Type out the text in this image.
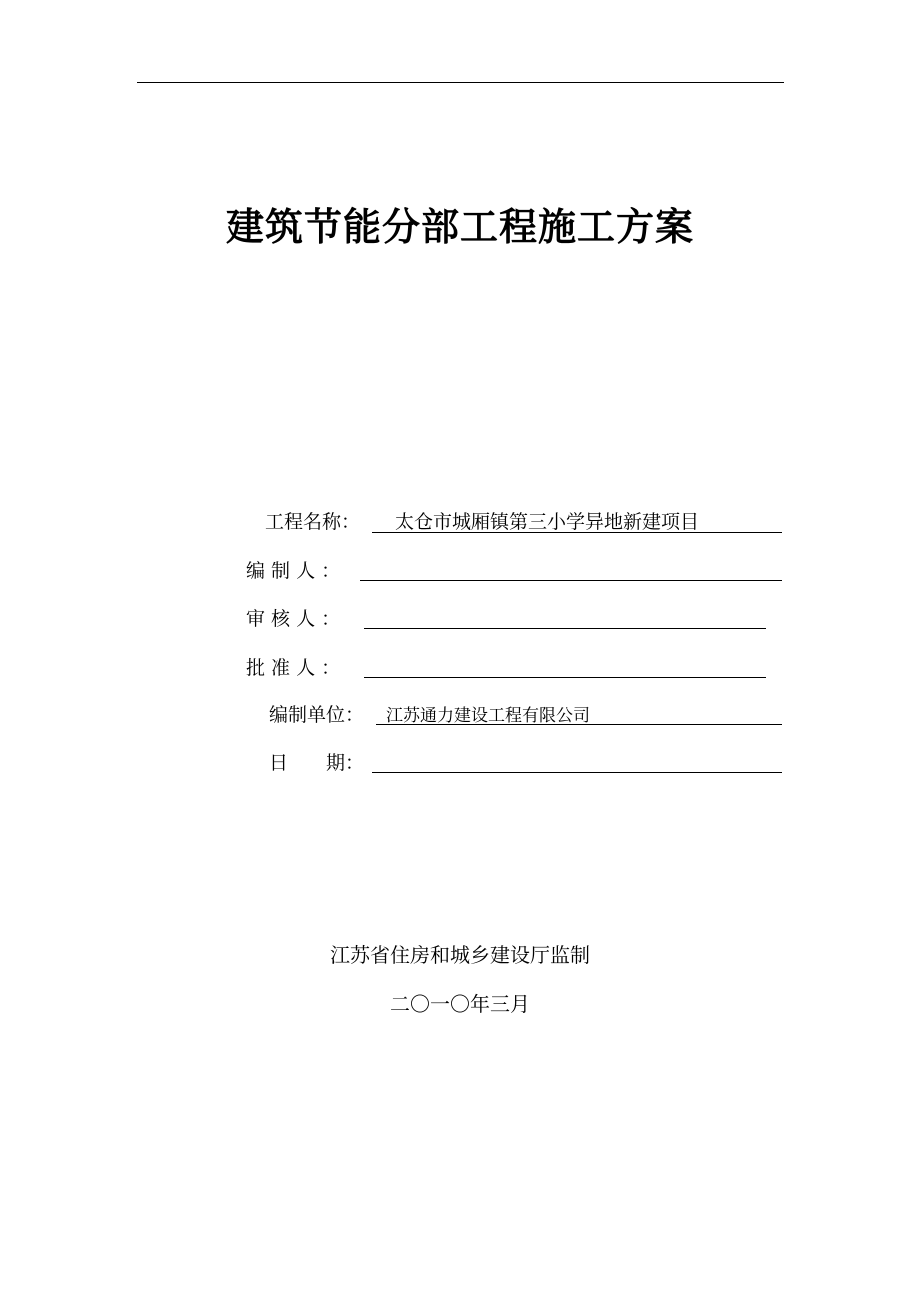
建筑节能分部工程施工方案
工程名称： 太仓市城厢镇第三小学异地新建项目
编 制 人 ：
审 核 人 ：
批 准 人 ：
编制单位： 江苏通力建设工程有限公司
日　　期：
江苏省住房和城乡建设厅监制
二〇一〇年三月
